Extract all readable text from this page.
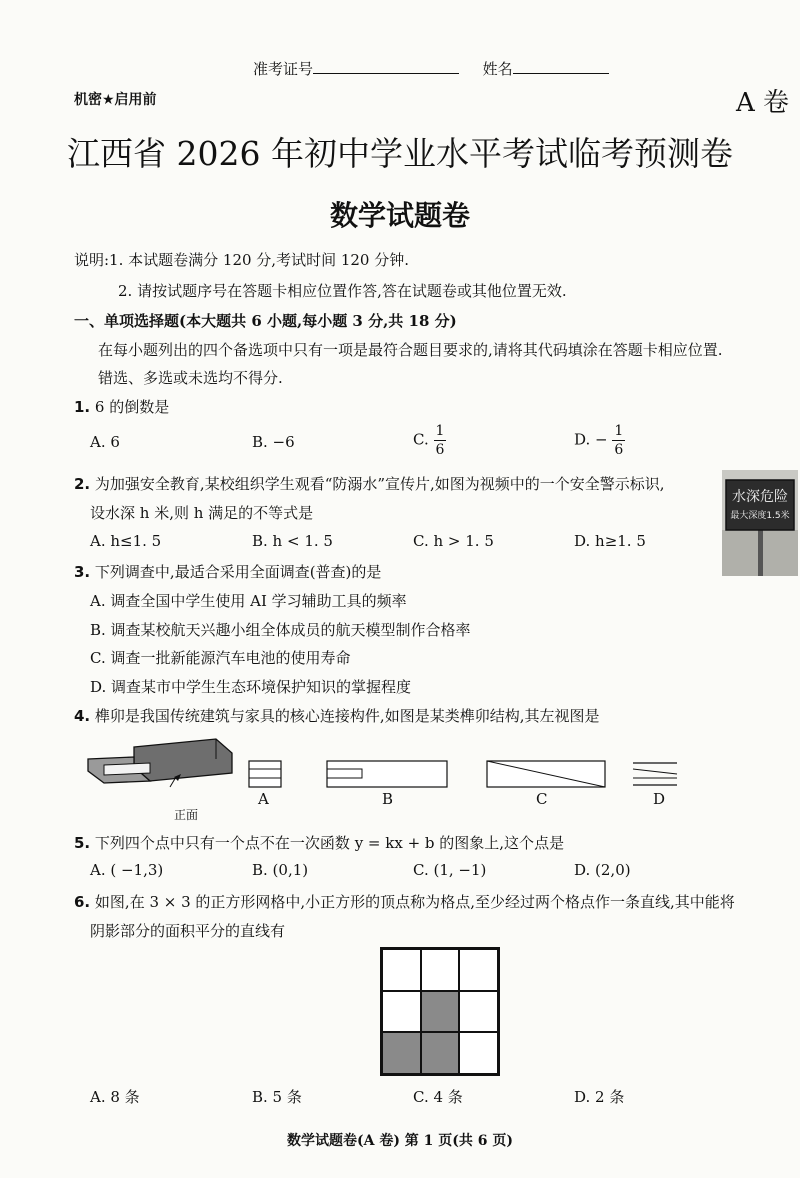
准考证号	姓名
机密★启用前	A 卷
江西省 2026 年初中学业水平考试临考预测卷
数学试题卷
说明:1. 本试题卷满分 120 分,考试时间 120 分钟.
2. 请按试题序号在答题卡相应位置作答,答在试题卷或其他位置无效.
一、单项选择题(本大题共 6 小题,每小题 3 分,共 18 分)
在每小题列出的四个备选项中只有一项是最符合题目要求的,请将其代码填涂在答题卡相应位置.
错选、多选或未选均不得分.
1. 6 的倒数是
A. 6	B. −6	C. $\frac{1}{6}$	D. − $\frac{1}{6}$
2. 为加强安全教育,某校组织学生观看“防溺水”宣传片,如图为视频中的一个安全警示标识,
设水深 h 米,则 h 满足的不等式是
A. h≤1. 5	B. h < 1. 5	C. h > 1. 5	D. h≥1. 5
水深危险
最大深度1.5米
3. 下列调查中,最适合采用全面调查(普查)的是
A. 调查全国中学生使用 AI 学习辅助工具的频率
B. 调查某校航天兴趣小组全体成员的航天模型制作合格率
C. 调查一批新能源汽车电池的使用寿命
D. 调查某市中学生生态环境保护知识的掌握程度
4. 榫卯是我国传统建筑与家具的核心连接构件,如图是某类榫卯结构,其左视图是
正面
A	B	C	D
5. 下列四个点中只有一个点不在一次函数 y = kx + b 的图象上,这个点是
A. ( −1,3)	B. (0,1)	C. (1, −1)	D. (2,0)
6. 如图,在 3 × 3 的正方形网格中,小正方形的顶点称为格点,至少经过两个格点作一条直线,其中能将
阴影部分的面积平分的直线有
A. 8 条	B. 5 条	C. 4 条	D. 2 条
数学试题卷(A 卷) 第 1 页(共 6 页)
